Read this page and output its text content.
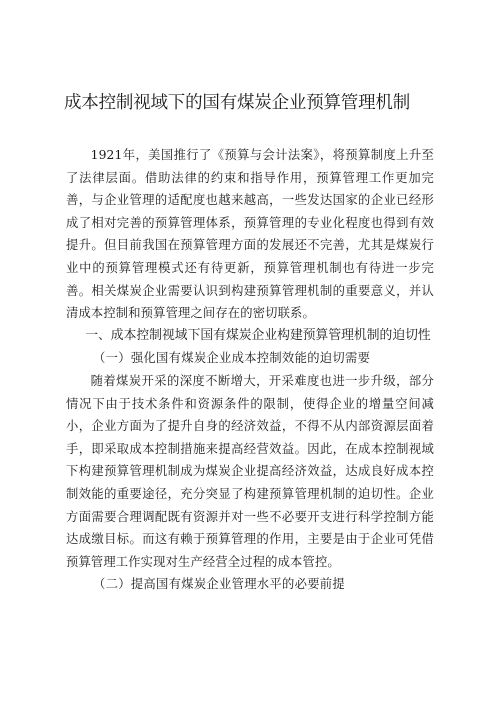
成本控制视域下的国有煤炭企业预算管理机制

1921年，美国推行了《预算与会计法案》，将预算制度上升至了法律层面。借助法律的约束和指导作用，预算管理工作更加完善，与企业管理的适配度也越来越高，一些发达国家的企业已经形成了相对完善的预算管理体系，预算管理的专业化程度也得到有效提升。但目前我国在预算管理方面的发展还不完善，尤其是煤炭行业中的预算管理模式还有待更新，预算管理机制也有待进一步完善。相关煤炭企业需要认识到构建预算管理机制的重要意义，并认清成本控制和预算管理之间存在的密切联系。

一、成本控制视域下国有煤炭企业构建预算管理机制的迫切性

（一）强化国有煤炭企业成本控制效能的迫切需要

随着煤炭开采的深度不断增大，开采难度也进一步升级，部分情况下由于技术条件和资源条件的限制，使得企业的增量空间减小，企业方面为了提升自身的经济效益，不得不从内部资源层面着手，即采取成本控制措施来提高经营效益。因此，在成本控制视域下构建预算管理机制成为煤炭企业提高经济效益，达成良好成本控制效能的重要途径，充分突显了构建预算管理机制的迫切性。企业方面需要合理调配既有资源并对一些不必要开支进行科学控制方能达成缴目标。而这有赖于预算管理的作用，主要是由于企业可凭借预算管理工作实现对生产经营全过程的成本管控。

（二）提高国有煤炭企业管理水平的必要前提
